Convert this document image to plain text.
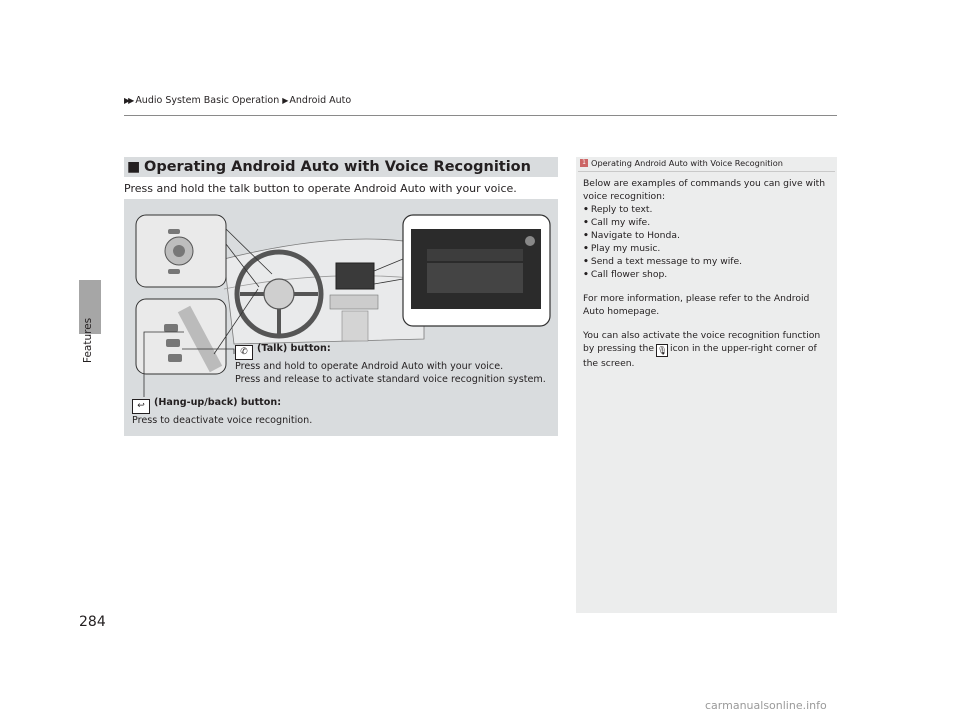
▶▶ Audio System Basic Operation ▶ Android Auto
Features
284
■ Operating Android Auto with Voice Recognition
Press and hold the talk button to operate Android Auto with your voice.
✆ (Talk) button:
Press and hold to operate Android Auto with your voice.
Press and release to activate standard voice recognition system.
↩ (Hang-up/back) button:
Press to deactivate voice recognition.
1 Operating Android Auto with Voice Recognition

Below are examples of commands you can give with voice recognition:

• Reply to text.
• Call my wife.
• Navigate to Honda.
• Play my music.
• Send a text message to my wife.
• Call flower shop.

For more information, please refer to the Android Auto homepage.

You can also activate the voice recognition function by pressing the 🎙 icon in the upper-right corner of the screen.

carmanualsonline.info
